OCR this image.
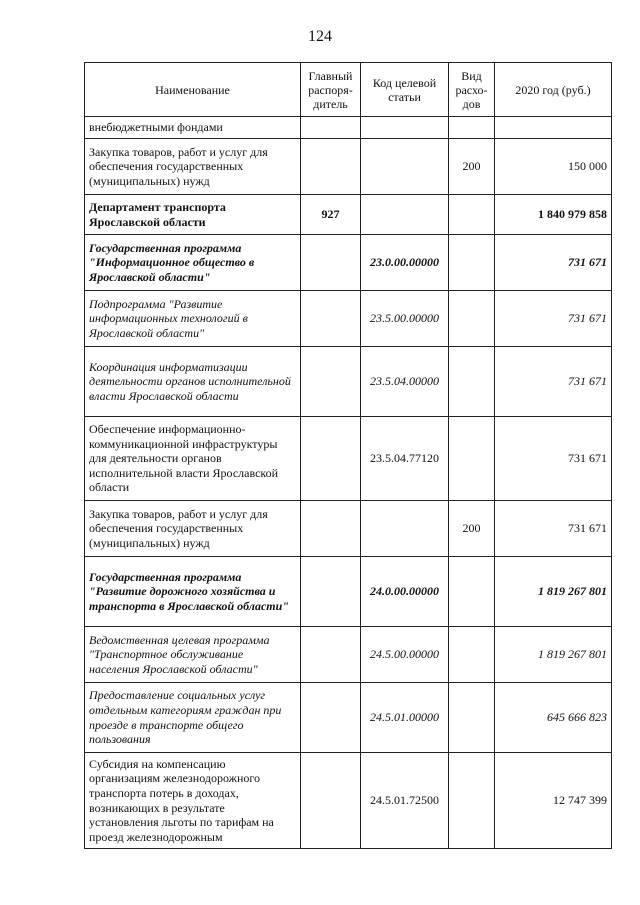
124
Наименование	Главный распоря-дитель	Код целевой статьи	Вид расхо-дов	2020 год (руб.)
внебюджетными фондами				
Закупка товаров, работ и услуг для обеспечения государственных (муниципальных) нужд			200	150 000
Департамент транспорта Ярославской области	927			1 840 979 858
Государственная программа "Информационное общество в Ярославской области"		23.0.00.00000		731 671
Подпрограмма "Развитие информационных технологий в Ярославской области"		23.5.00.00000		731 671
Координация информатизации деятельности органов исполнительной власти Ярославской области		23.5.04.00000		731 671
Обеспечение информационно-коммуникационной инфраструктуры для деятельности органов исполнительной власти Ярославской области		23.5.04.77120		731 671
Закупка товаров, работ и услуг для обеспечения государственных (муниципальных) нужд			200	731 671
Государственная программа "Развитие дорожного хозяйства и транспорта в Ярославской области"		24.0.00.00000		1 819 267 801
Ведомственная целевая программа "Транспортное обслуживание населения Ярославской области"		24.5.00.00000		1 819 267 801
Предоставление социальных услуг отдельным категориям граждан при проезде в транспорте общего пользования		24.5.01.00000		645 666 823
Субсидия на компенсацию организациям железнодорожного транспорта потерь в доходах, возникающих в результате установления льготы по тарифам на проезд железнодорожным		24.5.01.72500		12 747 399
